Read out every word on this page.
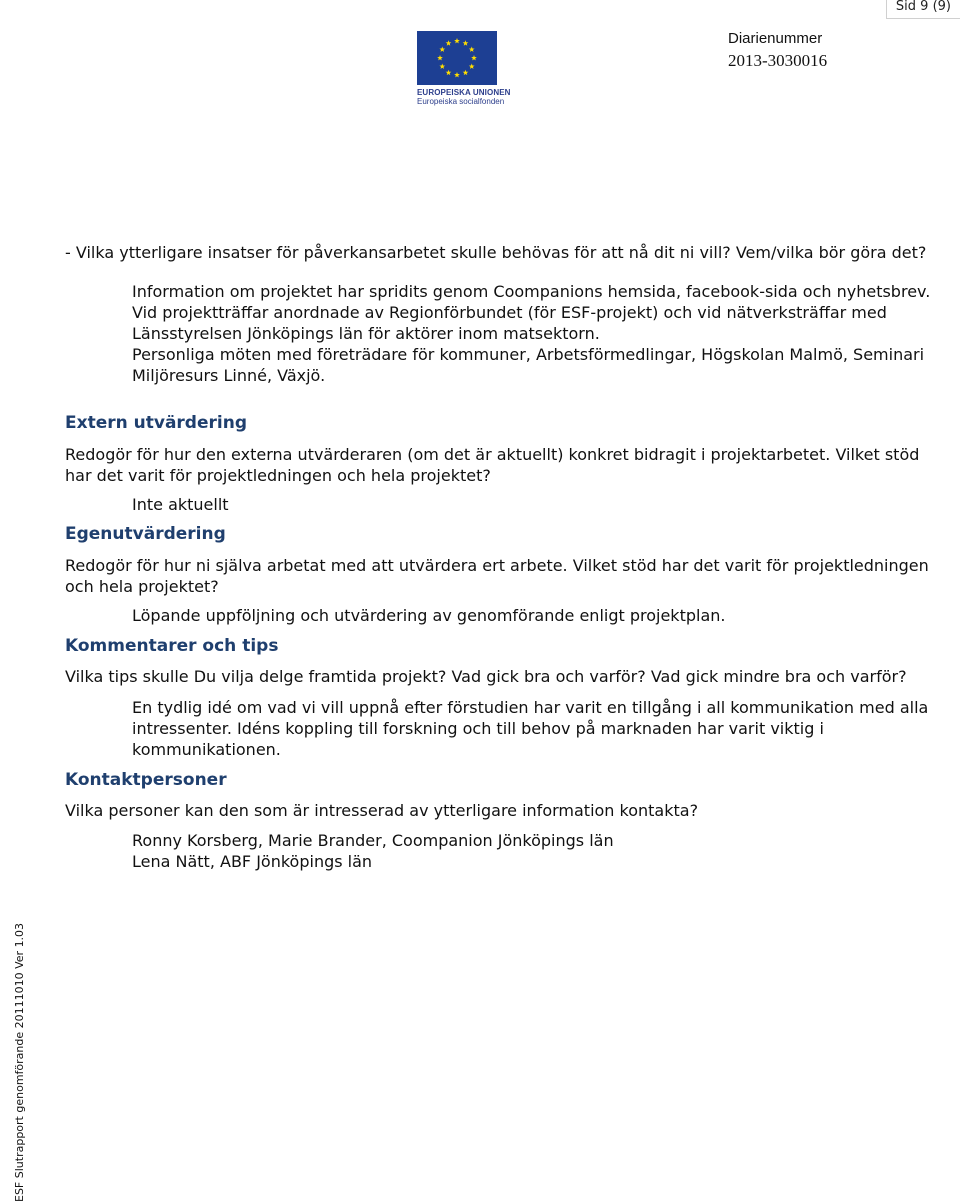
Sid 9 (9)
EUROPEISKA UNIONEN
Europeiska socialfonden
Diarienummer
2013-3030016

- Vilka ytterligare insatser för påverkansarbetet skulle behövas för att nå dit ni vill? Vem/vilka bör göra det?

Information om projektet har spridits genom Coompanions hemsida, facebook-sida och nyhetsbrev. Vid projektträffar anordnade av Regionförbundet (för ESF-projekt) och vid nätverksträffar med Länsstyrelsen Jönköpings län för aktörer inom matsektorn.

Personliga möten med företrädare för kommuner, Arbetsförmedlingar, Högskolan Malmö, Seminari Miljöresurs Linné, Växjö.

Extern utvärdering

Redogör för hur den externa utvärderaren (om det är aktuellt) konkret bidragit i projektarbetet. Vilket stöd har det varit för projektledningen och hela projektet?

Inte aktuellt

Egenutvärdering

Redogör för hur ni själva arbetat med att utvärdera ert arbete. Vilket stöd har det varit för projektledningen och hela projektet?

Löpande uppföljning och utvärdering av genomförande enligt projektplan.

Kommentarer och tips

Vilka tips skulle Du vilja delge framtida projekt? Vad gick bra och varför? Vad gick mindre bra och varför?

En tydlig idé om vad vi vill uppnå efter förstudien har varit en tillgång i all kommunikation med alla intressenter. Idéns koppling till forskning och till behov på marknaden har varit viktig i kommunikationen.

Kontaktpersoner

Vilka personer kan den som är intresserad av ytterligare information kontakta?

Ronny Korsberg, Marie Brander, Coompanion Jönköpings län

Lena Nätt, ABF Jönköpings län

ESF Slutrapport genomförande 20111010 Ver 1.03
